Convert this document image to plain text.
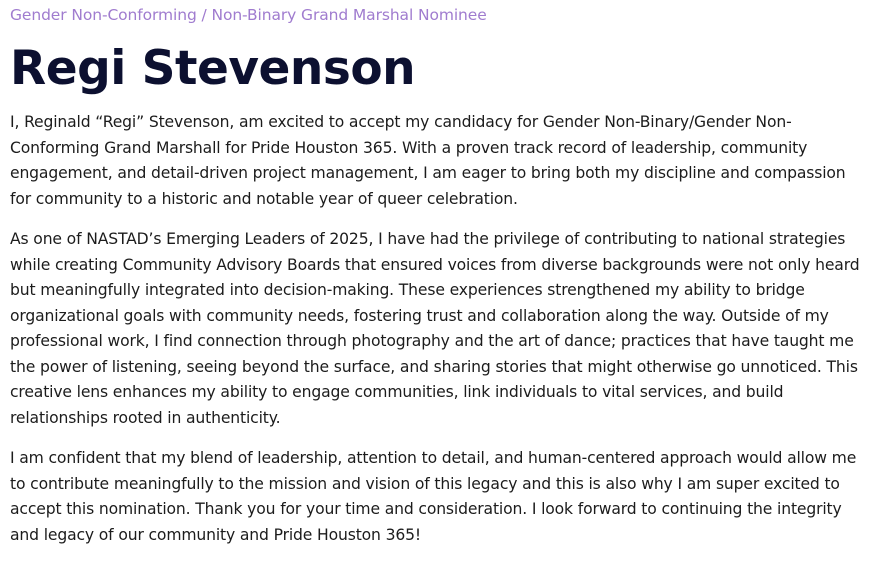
Gender Non-Conforming / Non-Binary Grand Marshal Nominee
Regi Stevenson

I, Reginald “Regi” Stevenson, am excited to accept my candidacy for Gender Non-Binary/Gender Non-Conforming Grand Marshall for Pride Houston 365. With a proven track record of leadership, community engagement, and detail-driven project management, I am eager to bring both my discipline and compassion for community to a historic and notable year of queer celebration.

As one of NASTAD’s Emerging Leaders of 2025, I have had the privilege of contributing to national strategies while creating Community Advisory Boards that ensured voices from diverse backgrounds were not only heard but meaningfully integrated into decision-making. These experiences strengthened my ability to bridge organizational goals with community needs, fostering trust and collaboration along the way. Outside of my professional work, I find connection through photography and the art of dance; practices that have taught me the power of listening, seeing beyond the surface, and sharing stories that might otherwise go unnoticed. This creative lens enhances my ability to engage communities, link individuals to vital services, and build relationships rooted in authenticity.

I am confident that my blend of leadership, attention to detail, and human-centered approach would allow me to contribute meaningfully to the mission and vision of this legacy and this is also why I am super excited to accept this nomination. Thank you for your time and consideration. I look forward to continuing the integrity and legacy of our community and Pride Houston 365!
